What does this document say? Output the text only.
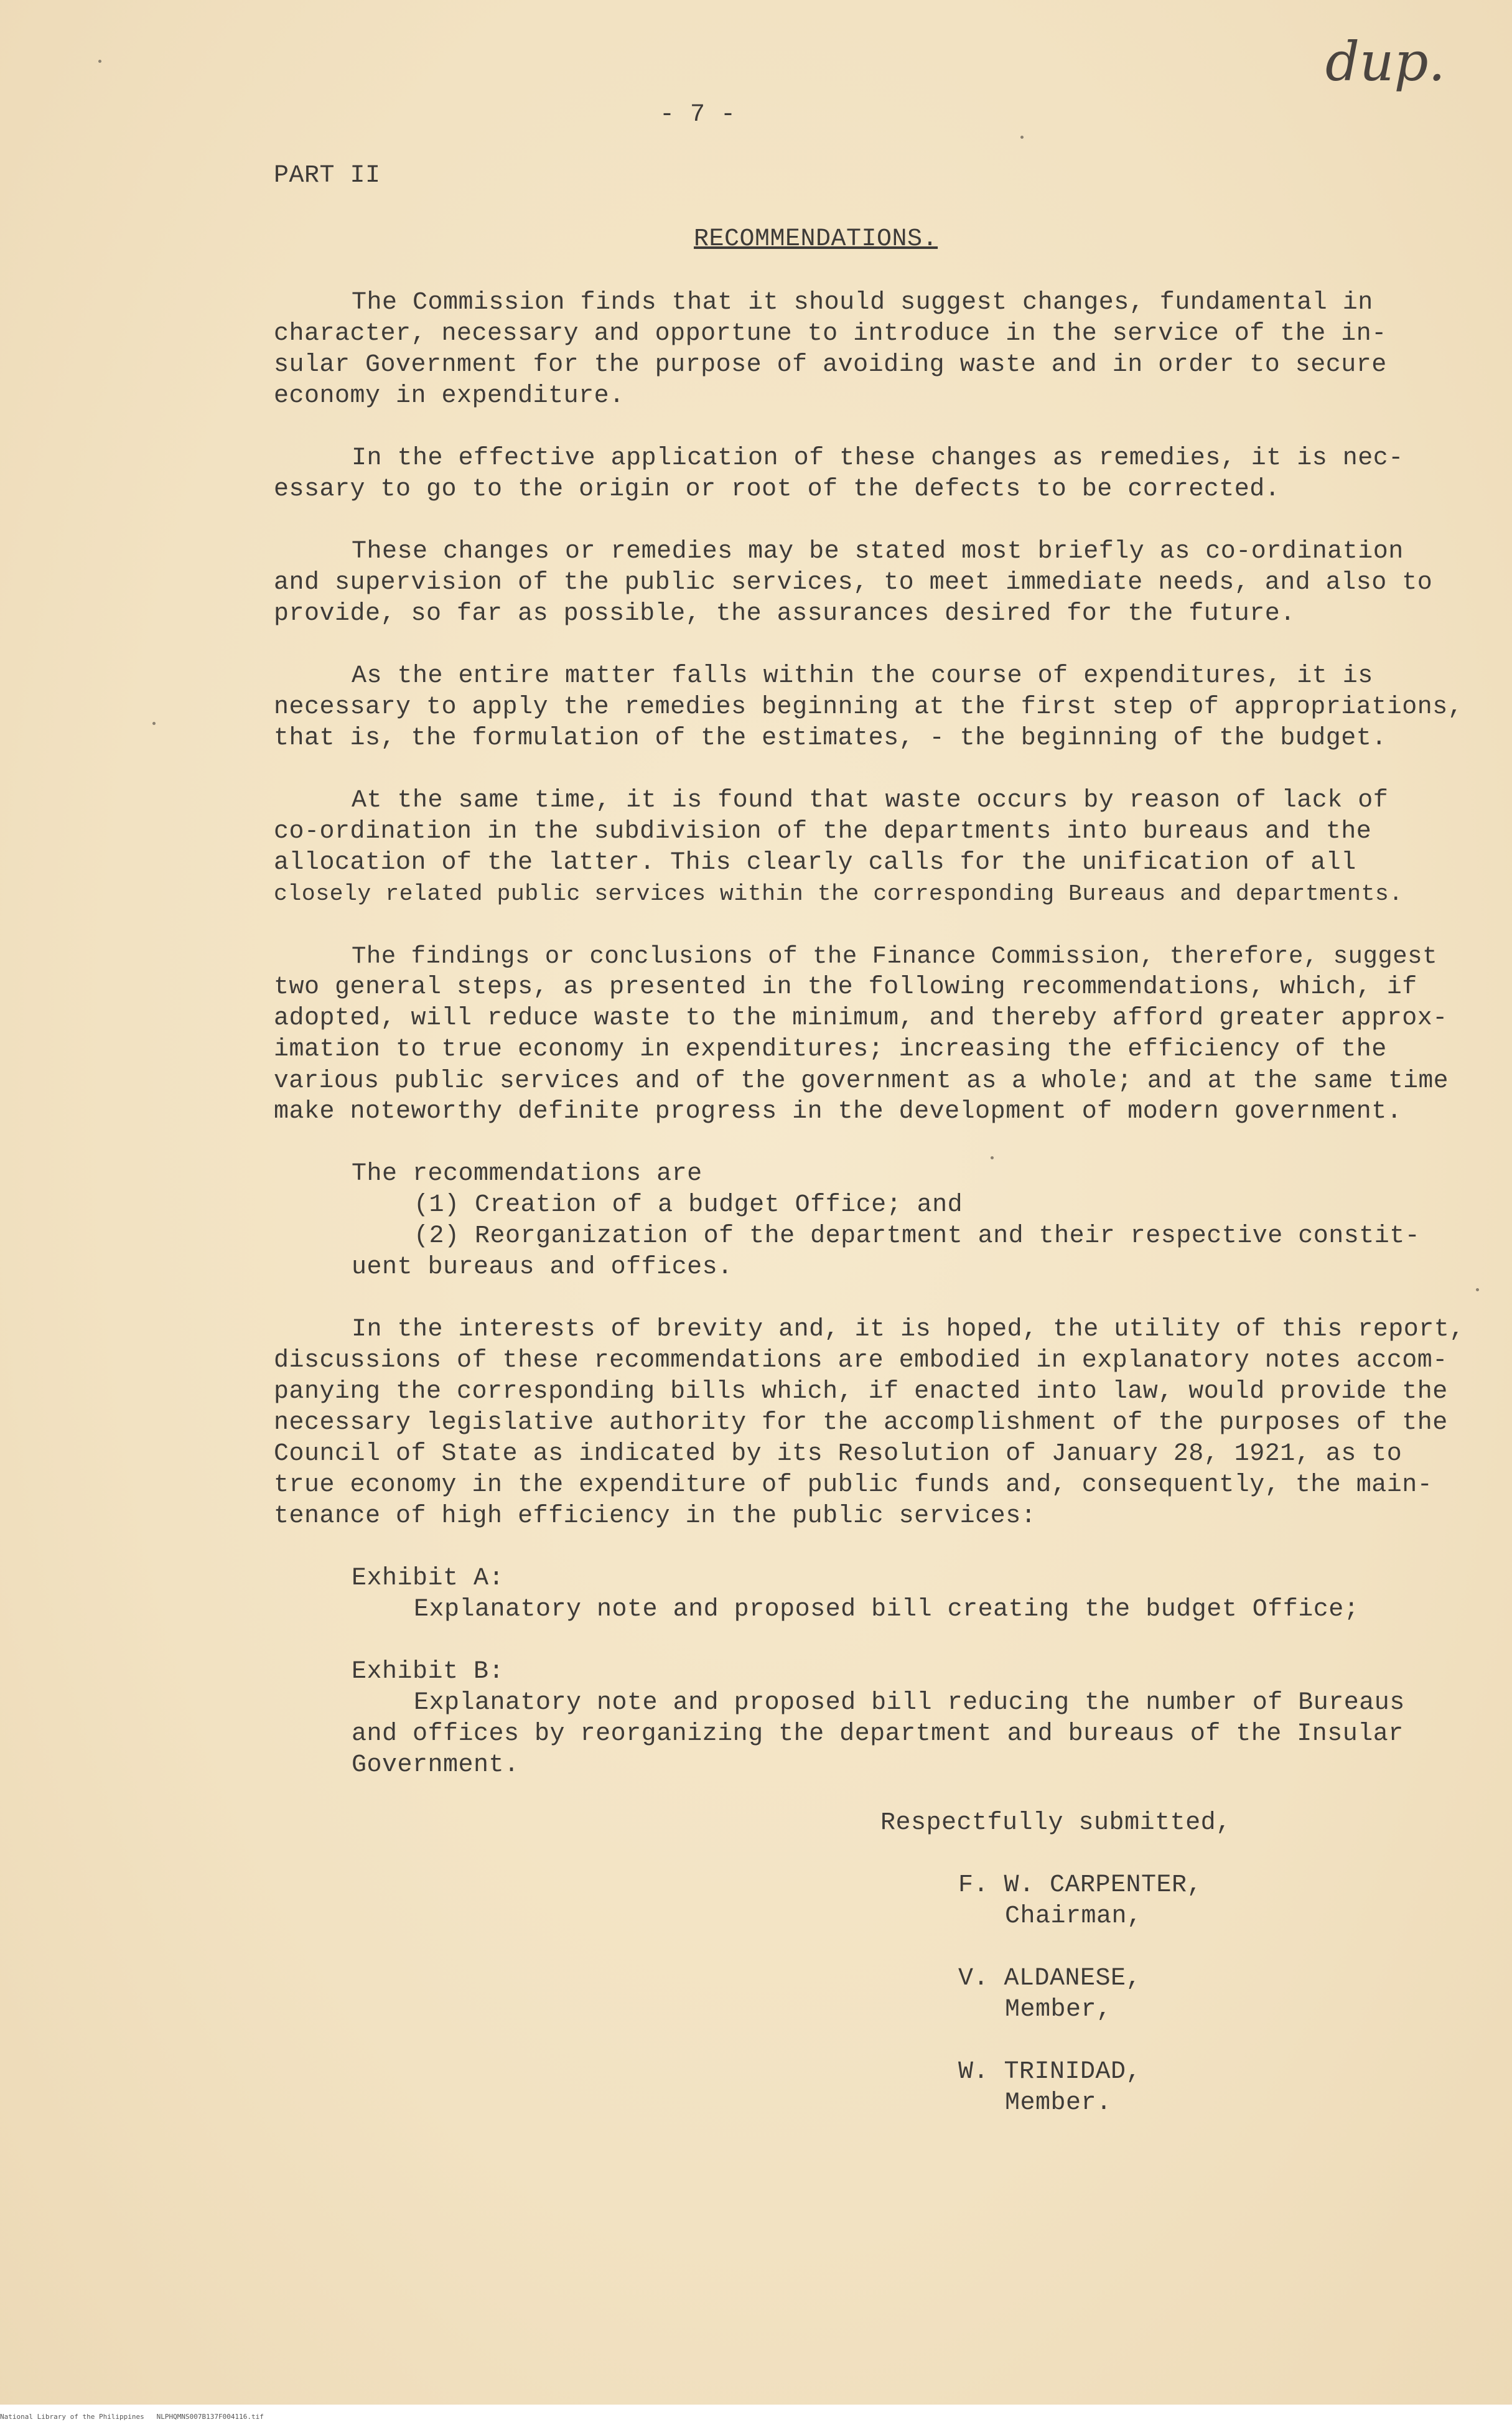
dup.
- 7 -
PART II
RECOMMENDATIONS.
The Commission finds that it should suggest changes, fundamental in
character, necessary and opportune to introduce in the service of the in-
sular Government for the purpose of avoiding waste and in order to secure
economy in expenditure.
In the effective application of these changes as remedies, it is nec-
essary to go to the origin or root of the defects to be corrected.
These changes or remedies may be stated most briefly as co-ordination
and supervision of the public services, to meet immediate needs, and also to
provide, so far as possible, the assurances desired for the future.
As the entire matter falls within the course of expenditures, it is
necessary to apply the remedies beginning at the first step of appropriations,
that is, the formulation of the estimates, - the beginning of the budget.
At the same time, it is found that waste occurs by reason of lack of
co-ordination in the subdivision of the departments into bureaus and the
allocation of the latter. This clearly calls for the unification of all
closely related public services within the corresponding Bureaus and departments.
The findings or conclusions of the Finance Commission, therefore, suggest
two general steps, as presented in the following recommendations, which, if
adopted, will reduce waste to the minimum, and thereby afford greater approx-
imation to true economy in expenditures; increasing the efficiency of the
various public services and of the government as a whole; and at the same time
make noteworthy definite progress in the development of modern government.
The recommendations are
(1) Creation of a budget Office; and
(2) Reorganization of the department and their respective constit-
uent bureaus and offices.
In the interests of brevity and, it is hoped, the utility of this report,
discussions of these recommendations are embodied in explanatory notes accom-
panying the corresponding bills which, if enacted into law, would provide the
necessary legislative authority for the accomplishment of the purposes of the
Council of State as indicated by its Resolution of January 28, 1921, as to
true economy in the expenditure of public funds and, consequently, the main-
tenance of high efficiency in the public services:
Exhibit A:
Explanatory note and proposed bill creating the budget Office;
Exhibit B:
Explanatory note and proposed bill reducing the number of Bureaus
and offices by reorganizing the department and bureaus of the Insular
Government.
Respectfully submitted,
F. W. CARPENTER,
Chairman,
V. ALDANESE,
Member,
W. TRINIDAD,
Member.
National Library of the Philippines   NLPHQMNS007B137F004116.tif
